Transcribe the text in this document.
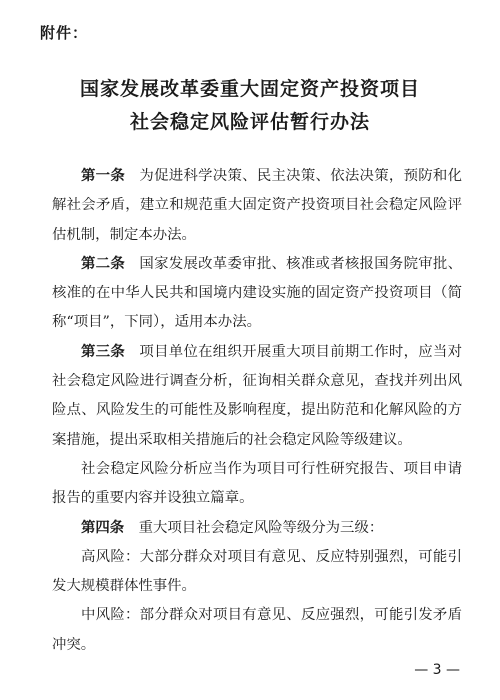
附件：
国家发展改革委重大固定资产投资项目
社会稳定风险评估暂行办法

第一条 为促进科学决策、民主决策、依法决策，预防和化解社会矛盾，建立和规范重大固定资产投资项目社会稳定风险评估机制，制定本办法。

第二条 国家发展改革委审批、核准或者核报国务院审批、核准的在中华人民共和国境内建设实施的固定资产投资项目（简称“项目”，下同），适用本办法。

第三条 项目单位在组织开展重大项目前期工作时，应当对社会稳定风险进行调查分析，征询相关群众意见，查找并列出风险点、风险发生的可能性及影响程度，提出防范和化解风险的方案措施，提出采取相关措施后的社会稳定风险等级建议。

社会稳定风险分析应当作为项目可行性研究报告、项目申请报告的重要内容并设独立篇章。

第四条 重大项目社会稳定风险等级分为三级：

高风险：大部分群众对项目有意见、反应特别强烈，可能引发大规模群体性事件。

中风险：部分群众对项目有意见、反应强烈，可能引发矛盾冲突。

— 3 —
